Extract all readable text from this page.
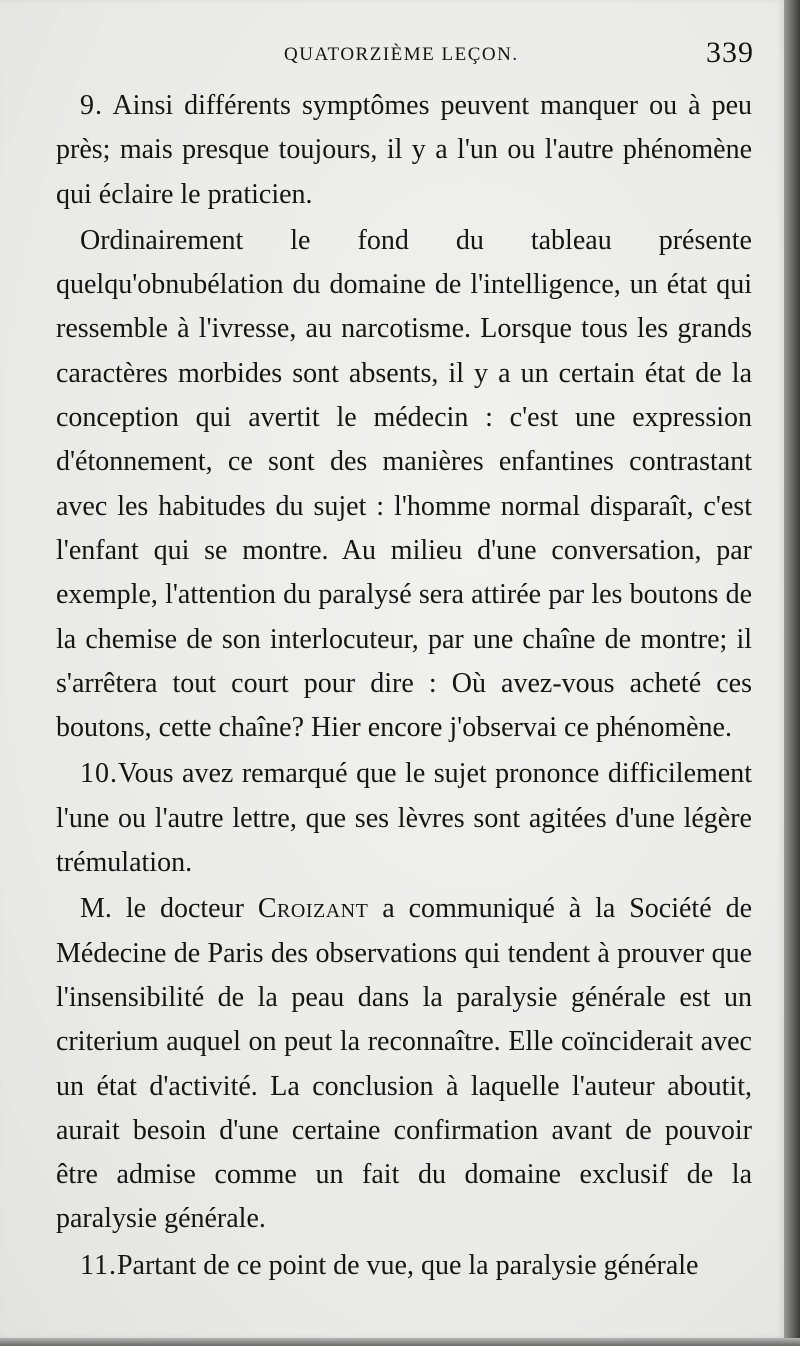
QUATORZIÈME LEÇON.	339

9. Ainsi différents symptômes peuvent manquer ou à peu près; mais presque toujours, il y a l'un ou l'autre phénomène qui éclaire le praticien.

Ordinairement le fond du tableau présente quelqu'obnubélation du domaine de l'intelligence, un état qui ressemble à l'ivresse, au narcotisme. Lorsque tous les grands caractères morbides sont absents, il y a un certain état de la conception qui avertit le médecin : c'est une expression d'étonnement, ce sont des manières enfantines contrastant avec les habitudes du sujet : l'homme normal disparaît, c'est l'enfant qui se montre. Au milieu d'une conversation, par exemple, l'attention du paralysé sera attirée par les boutons de la chemise de son interlocuteur, par une chaîne de montre; il s'arrêtera tout court pour dire : Où avez-vous acheté ces boutons, cette chaîne? Hier encore j'observai ce phénomène.

10.Vous avez remarqué que le sujet prononce difficilement l'une ou l'autre lettre, que ses lèvres sont agitées d'une légère trémulation.

M. le docteur Croizant a communiqué à la Société de Médecine de Paris des observations qui tendent à prouver que l'insensibilité de la peau dans la paralysie générale est un criterium auquel on peut la reconnaître. Elle coïnciderait avec un état d'activité. La conclusion à laquelle l'auteur aboutit, aurait besoin d'une certaine confirmation avant de pouvoir être admise comme un fait du domaine exclusif de la paralysie générale.

11.Partant de ce point de vue, que la paralysie générale
